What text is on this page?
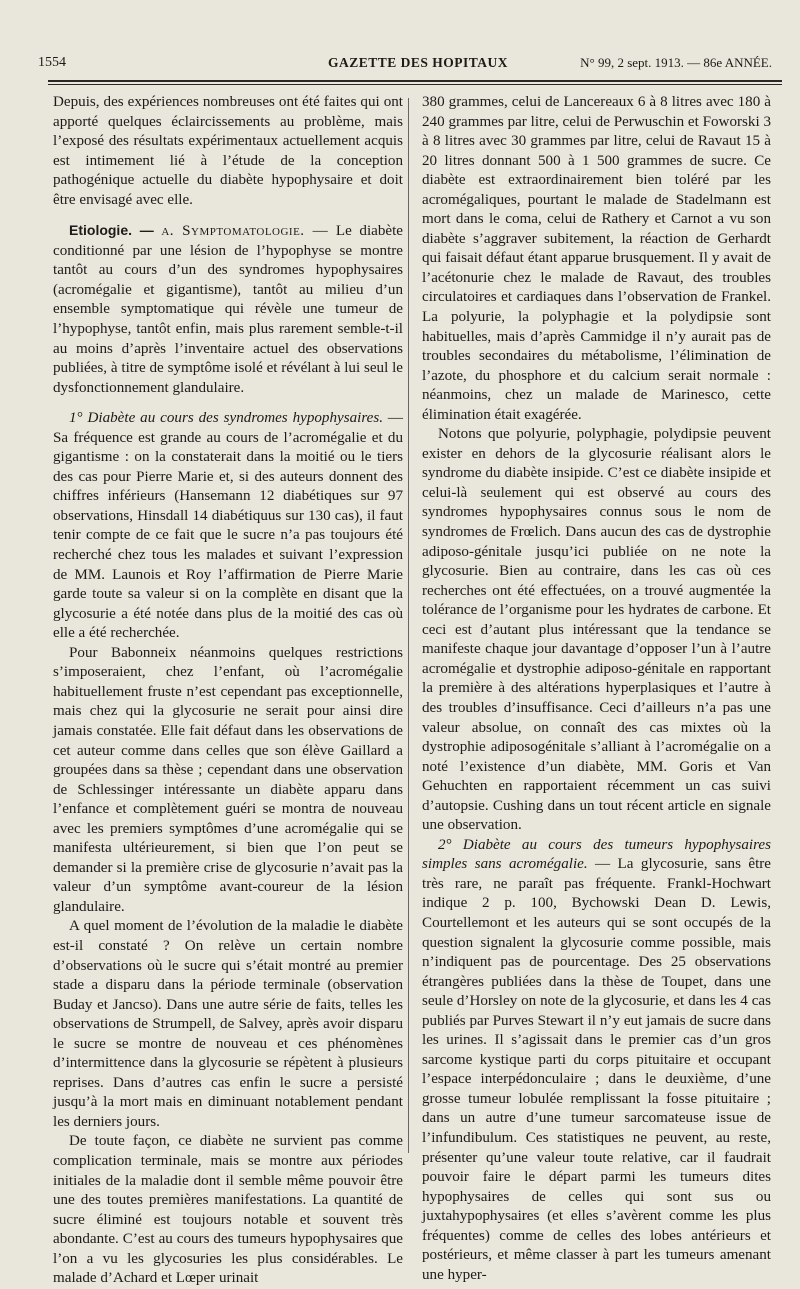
1554	GAZETTE DES HOPITAUX	N° 99, 2 sept. 1913. — 86e ANNÉE.

Depuis, des expériences nombreuses ont été faites qui ont apporté quelques éclaircissements au problème, mais l’exposé des résultats expérimentaux actuellement acquis est intimement lié à l’étude de la conception pathogénique actuelle du diabète hypophysaire et doit être envisagé avec elle.

Etiologie. — α. Symptomatologie. — Le diabète conditionné par une lésion de l’hypophyse se montre tantôt au cours d’un des syndromes hypophysaires (acromégalie et gigantisme), tantôt au milieu d’un ensemble symptomatique qui révèle une tumeur de l’hypophyse, tantôt enfin, mais plus rarement semble-t-il au moins d’après l’inventaire actuel des observations publiées, à titre de symptôme isolé et révélant à lui seul le dysfonctionnement glandulaire.

1° Diabète au cours des syndromes hypophysaires. — Sa fréquence est grande au cours de l’acromégalie et du gigantisme : on la constaterait dans la moitié ou le tiers des cas pour Pierre Marie et, si des auteurs donnent des chiffres inférieurs (Hansemann 12 diabétiques sur 97 observations, Hinsdall 14 diabétiquus sur 130 cas), il faut tenir compte de ce fait que le sucre n’a pas toujours été recherché chez tous les malades et suivant l’expression de MM. Launois et Roy l’affirmation de Pierre Marie garde toute sa valeur si on la complète en disant que la glycosurie a été notée dans plus de la moitié des cas où elle a été recherchée.

Pour Babonneix néanmoins quelques restrictions s’imposeraient, chez l’enfant, où l’acromégalie habituellement fruste n’est cependant pas exceptionnelle, mais chez qui la glycosurie ne serait pour ainsi dire jamais constatée. Elle fait défaut dans les observations de cet auteur comme dans celles que son élève Gaillard a groupées dans sa thèse ; cependant dans une observation de Schlessinger intéressante un diabète apparu dans l’enfance et complètement guéri se montra de nouveau avec les premiers symptômes d’une acromégalie qui se manifesta ultérieurement, si bien que l’on peut se demander si la première crise de glycosurie n’avait pas la valeur d’un symptôme avant-coureur de la lésion glandulaire.

A quel moment de l’évolution de la maladie le diabète est-il constaté ? On relève un certain nombre d’observations où le sucre qui s’était montré au premier stade a disparu dans la période terminale (observation Buday et Jancso). Dans une autre série de faits, telles les observations de Strumpell, de Salvey, après avoir disparu le sucre se montre de nouveau et ces phénomènes d’intermittence dans la glycosurie se répètent à plusieurs reprises. Dans d’autres cas enfin le sucre a persisté jusqu’à la mort mais en diminuant notablement pendant les derniers jours.

De toute façon, ce diabète ne survient pas comme complication terminale, mais se montre aux périodes initiales de la maladie dont il semble même pouvoir être une des toutes premières manifestations. La quantité de sucre éliminé est toujours notable et souvent très abondante. C’est au cours des tumeurs hypophysaires que l’on a vu les glycosuries les plus considérables. Le malade d’Achard et Lœper urinait

380 grammes, celui de Lancereaux 6 à 8 litres avec 180 à 240 grammes par litre, celui de Perwuschin et Foworski 3 à 8 litres avec 30 grammes par litre, celui de Ravaut 15 à 20 litres donnant 500 à 1 500 grammes de sucre. Ce diabète est extraordinairement bien toléré par les acromégaliques, pourtant le malade de Stadelmann est mort dans le coma, celui de Rathery et Carnot a vu son diabète s’aggraver subitement, la réaction de Gerhardt qui faisait défaut étant apparue brusquement. Il y avait de l’acétonurie chez le malade de Ravaut, des troubles circulatoires et cardiaques dans l’observation de Frankel. La polyurie, la polyphagie et la polydipsie sont habituelles, mais d’après Cammidge il n’y aurait pas de troubles secondaires du métabolisme, l’élimination de l’azote, du phosphore et du calcium serait normale : néanmoins, chez un malade de Marinesco, cette élimination était exagérée.

Notons que polyurie, polyphagie, polydipsie peuvent exister en dehors de la glycosurie réalisant alors le syndrome du diabète insipide. C’est ce diabète insipide et celui-là seulement qui est observé au cours des syndromes hypophysaires connus sous le nom de syndromes de Frœlich. Dans aucun des cas de dystrophie adiposo-génitale jusqu’ici publiée on ne note la glycosurie. Bien au contraire, dans les cas où ces recherches ont été effectuées, on a trouvé augmentée la tolérance de l’organisme pour les hydrates de carbone. Et ceci est d’autant plus intéressant que la tendance se manifeste chaque jour davantage d’opposer l’un à l’autre acromégalie et dystrophie adiposo-génitale en rapportant la première à des altérations hyperplasiques et l’autre à des troubles d’insuffisance. Ceci d’ailleurs n’a pas une valeur absolue, on connaît des cas mixtes où la dystrophie adiposogénitale s’alliant à l’acromégalie on a noté l’existence d’un diabète, MM. Goris et Van Gehuchten en rapportaient récemment un cas suivi d’autopsie. Cushing dans un tout récent article en signale une observation.

2° Diabète au cours des tumeurs hypophysaires simples sans acromégalie. — La glycosurie, sans être très rare, ne paraît pas fréquente. Frankl-Hochwart indique 2 p. 100, Bychowski Dean D. Lewis, Courtellemont et les auteurs qui se sont occupés de la question signalent la glycosurie comme possible, mais n’indiquent pas de pourcentage. Des 25 observations étrangères publiées dans la thèse de Toupet, dans une seule d’Horsley on note de la glycosurie, et dans les 4 cas publiés par Purves Stewart il n’y eut jamais de sucre dans les urines. Il s’agissait dans le premier cas d’un gros sarcome kystique parti du corps pituitaire et occupant l’espace interpédonculaire ; dans le deuxième, d’une grosse tumeur lobulée remplissant la fosse pituitaire ; dans un autre d’une tumeur sarcomateuse issue de l’infundibulum. Ces statistiques ne peuvent, au reste, présenter qu’une valeur toute relative, car il faudrait pouvoir faire le départ parmi les tumeurs dites hypophysaires de celles qui sont sus ou juxtahypophysaires (et elles s’avèrent comme les plus fréquentes) comme de celles des lobes antérieurs et postérieurs, et même classer à part les tumeurs amenant une hyper-
